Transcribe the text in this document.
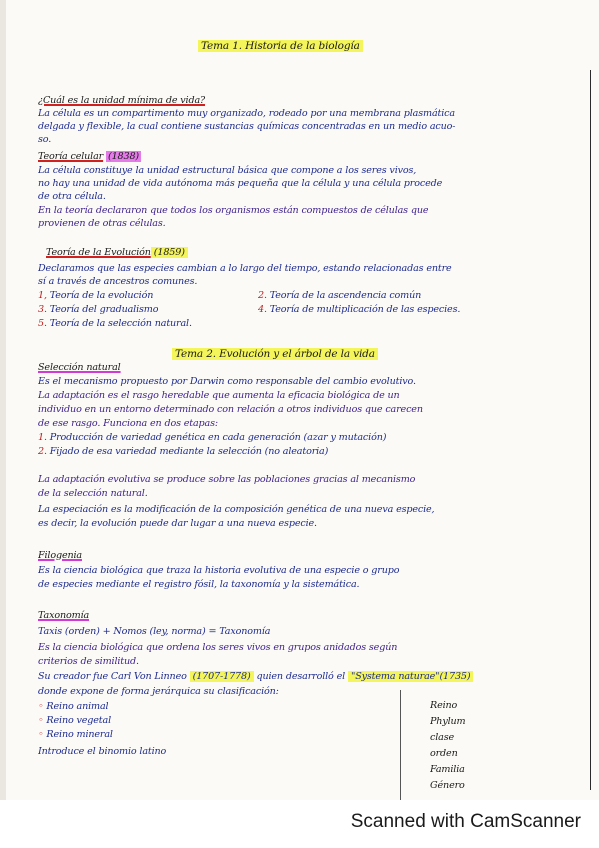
Tema 1. Historia de la biología
¿Cuál es la unidad mínima de vida?
La célula es un compartimento muy organizado, rodeado por una membrana plasmática
delgada y flexible, la cual contiene sustancias químicas concentradas en un medio acuo-
so.
Teoría celular (1838)
La célula constituye la unidad estructural básica que compone a los seres vivos,
no hay una unidad de vida autónoma más pequeña que la célula y una célula procede
de otra célula.
En la teoría declararon que todos los organismos están compuestos de células que
provienen de otras células.
Teoría de la Evolución (1859)
Declaramos que las especies cambian a lo largo del tiempo, estando relacionadas entre
sí a través de ancestros comunes.
1, Teoría de la evolución	2. Teoría de la ascendencia común
3. Teoría del gradualismo	4. Teoría de multiplicación de las especies.
5. Teoría de la selección natural.
Tema 2. Evolución y el árbol de la vida
Selección natural
Es el mecanismo propuesto por Darwin como responsable del cambio evolutivo.
La adaptación es el rasgo heredable que aumenta la eficacia biológica de un
individuo en un entorno determinado con relación a otros individuos que carecen
de ese rasgo. Funciona en dos etapas:
1. Producción de variedad genética en cada generación (azar y mutación)
2. Fijado de esa variedad mediante la selección (no aleatoria)
La adaptación evolutiva se produce sobre las poblaciones gracias al mecanismo
de la selección natural.
La especiación es la modificación de la composición genética de una nueva especie,
es decir, la evolución puede dar lugar a una nueva especie.
Filogenia
Es la ciencia biológica que traza la historia evolutiva de una especie o grupo
de especies mediante el registro fósil, la taxonomía y la sistemática.
Taxonomía
Taxis (orden) + Nomos (ley, norma) = Taxonomía
Es la ciencia biológica que ordena los seres vivos en grupos anidados según
criterios de similitud.
Su creador fue Carl Von Linneo (1707-1778) quien desarrolló el "Systema naturae"(1735)
donde expone de forma jerárquica su clasificación:
◦ Reino animal
◦ Reino vegetal
◦ Reino mineral
Introduce el binomio latino
Reino
Phylum
clase
orden
Familia
Género
Scanned with CamScanner
